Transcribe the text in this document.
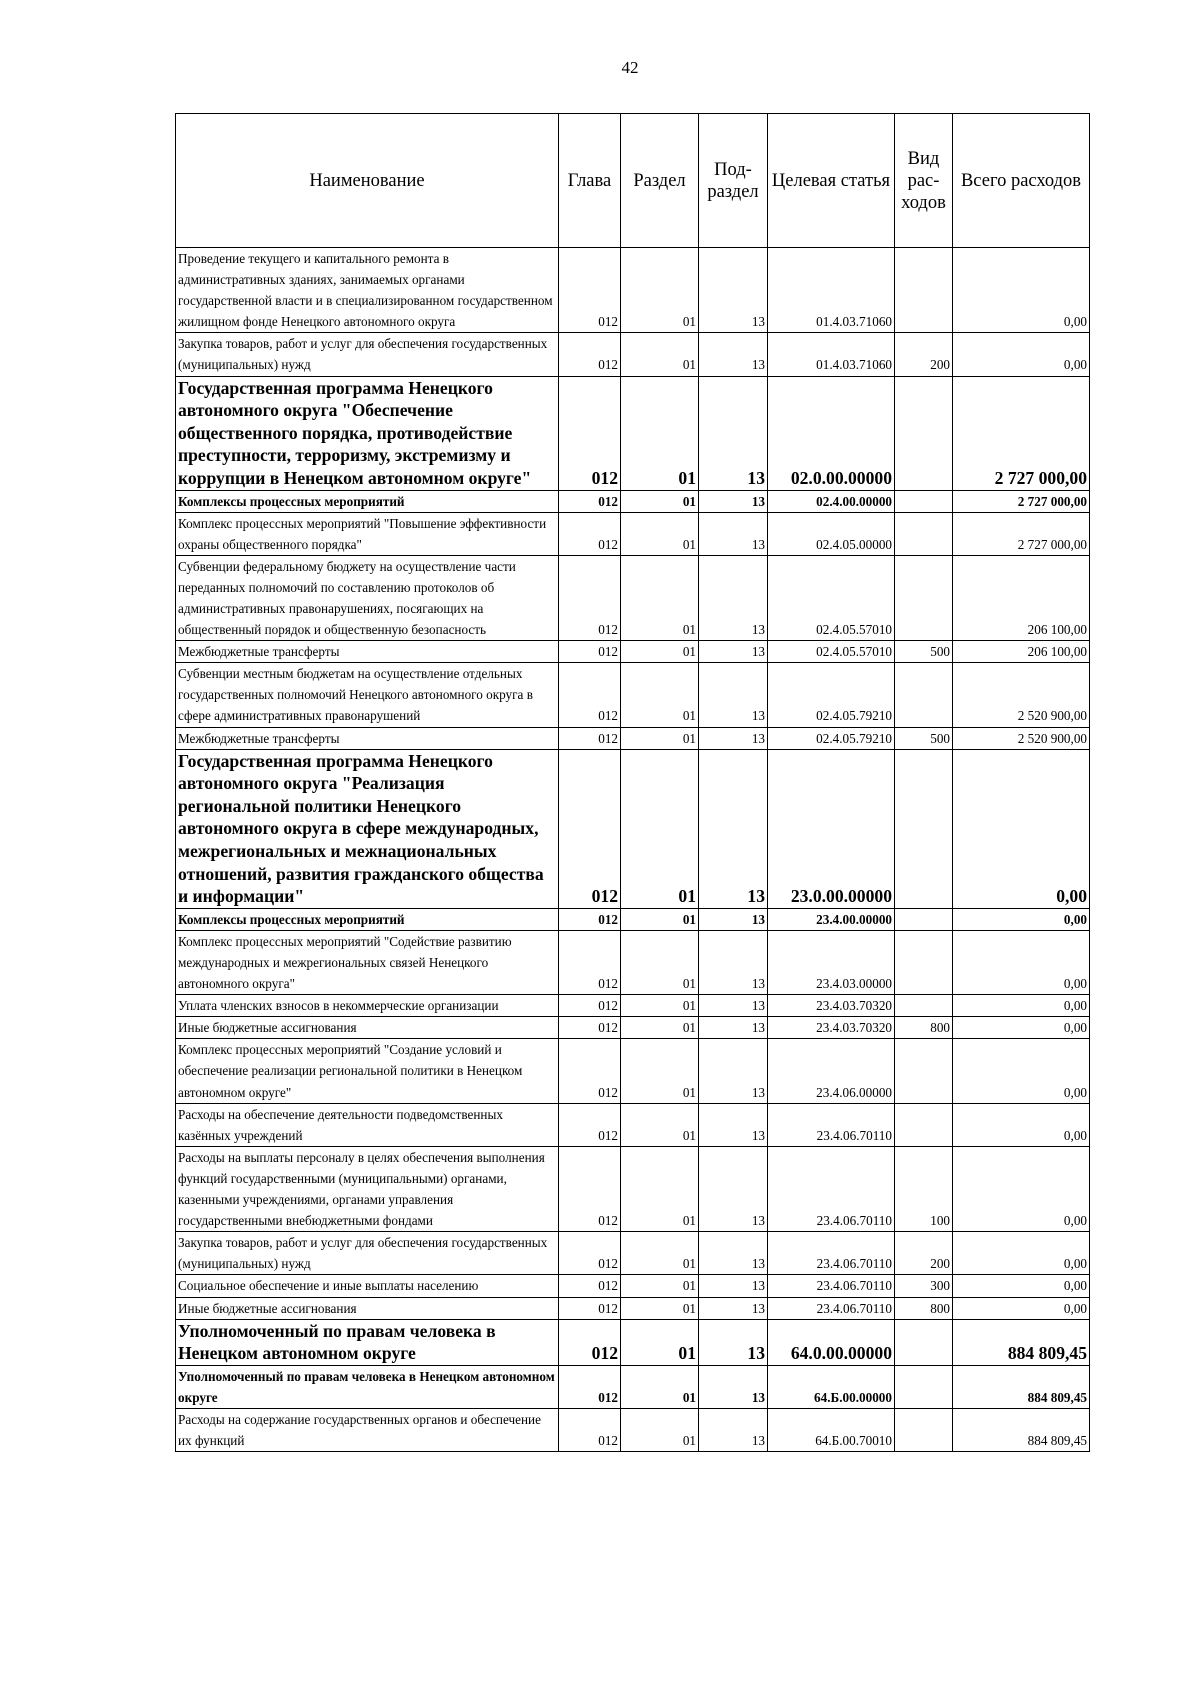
42
Наименование	Глава	Раздел	Под- раздел	Целевая статья	Вид рас- ходов	Всего расходов
Проведение текущего и капитального ремонта в административных зданиях, занимаемых органами государственной власти и в специализированном государственном жилищном фонде Ненецкого автономного округа	012	01	13	01.4.03.71060		0,00
Закупка товаров, работ и услуг для обеспечения государственных (муниципальных) нужд	012	01	13	01.4.03.71060	200	0,00
Государственная программа Ненецкого автономного округа "Обеспечение общественного порядка, противодействие преступности, терроризму, экстремизму и коррупции в Ненецком автономном округе"	012	01	13	02.0.00.00000		2 727 000,00
Комплексы процессных мероприятий	012	01	13	02.4.00.00000		2 727 000,00
Комплекс процессных мероприятий "Повышение эффективности охраны общественного порядка"	012	01	13	02.4.05.00000		2 727 000,00
Субвенции федеральному бюджету на осуществление части переданных полномочий по составлению протоколов об административных правонарушениях, посягающих на общественный порядок и общественную безопасность	012	01	13	02.4.05.57010		206 100,00
Межбюджетные трансферты	012	01	13	02.4.05.57010	500	206 100,00
Субвенции местным бюджетам на осуществление отдельных государственных полномочий Ненецкого автономного округа в сфере административных правонарушений	012	01	13	02.4.05.79210		2 520 900,00
Межбюджетные трансферты	012	01	13	02.4.05.79210	500	2 520 900,00
Государственная программа Ненецкого автономного округа "Реализация региональной политики Ненецкого автономного округа в сфере международных, межрегиональных и межнациональных отношений, развития гражданского общества и информации"	012	01	13	23.0.00.00000		0,00
Комплексы процессных мероприятий	012	01	13	23.4.00.00000		0,00
Комплекс процессных мероприятий "Содействие развитию международных и межрегиональных связей Ненецкого автономного округа"	012	01	13	23.4.03.00000		0,00
Уплата членских взносов в некоммерческие организации	012	01	13	23.4.03.70320		0,00
Иные бюджетные ассигнования	012	01	13	23.4.03.70320	800	0,00
Комплекс процессных мероприятий "Создание условий и обеспечение реализации региональной политики в Ненецком автономном округе"	012	01	13	23.4.06.00000		0,00
Расходы на обеспечение деятельности подведомственных казённых учреждений	012	01	13	23.4.06.70110		0,00
Расходы на выплаты персоналу в целях обеспечения выполнения функций государственными (муниципальными) органами, казенными учреждениями, органами управления государственными внебюджетными фондами	012	01	13	23.4.06.70110	100	0,00
Закупка товаров, работ и услуг для обеспечения государственных (муниципальных) нужд	012	01	13	23.4.06.70110	200	0,00
Социальное обеспечение и иные выплаты населению	012	01	13	23.4.06.70110	300	0,00
Иные бюджетные ассигнования	012	01	13	23.4.06.70110	800	0,00
Уполномоченный по правам человека в Ненецком автономном округе	012	01	13	64.0.00.00000		884 809,45
Уполномоченный по правам человека в Ненецком автономном округе	012	01	13	64.Б.00.00000		884 809,45
Расходы на содержание государственных органов и обеспечение их функций	012	01	13	64.Б.00.70010		884 809,45
